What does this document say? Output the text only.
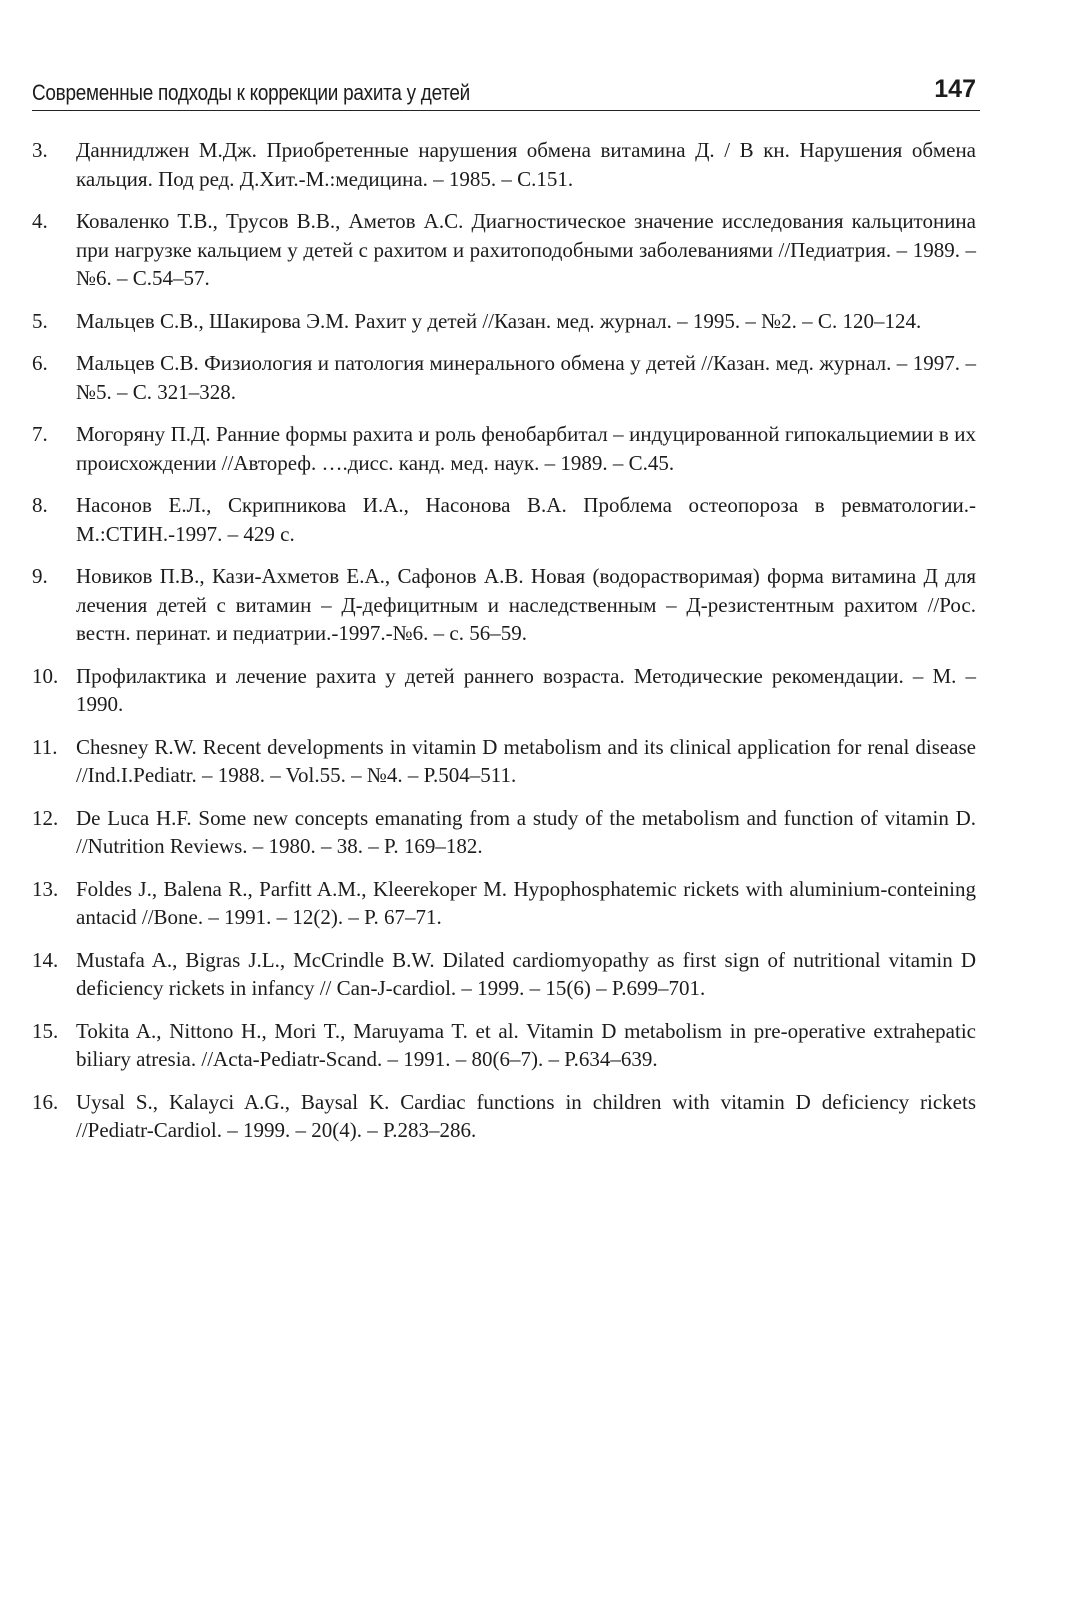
Современные подходы к коррекции рахита у детей	147
3.	Даннидлжен М.Дж. Приобретенные нарушения обмена витамина Д. / В кн. Нарушения обмена кальция. Под ред. Д.Хит.-М.:медицина. – 1985. – С.151.
4.	Коваленко Т.В., Трусов В.В., Аметов А.С. Диагностическое значение исследования кальцитонина при нагрузке кальцием у детей с рахитом и рахитоподобными заболеваниями //Педиатрия. – 1989. – №6. – С.54–57.
5.	Мальцев С.В., Шакирова Э.М. Рахит у детей //Казан. мед. журнал. – 1995. – №2. – С. 120–124.
6.	Мальцев С.В. Физиология и патология минерального обмена у детей //Казан. мед. журнал. – 1997. – №5. – С. 321–328.
7.	Могоряну П.Д. Ранние формы рахита и роль фенобарбитал – индуцированной гипокальциемии в их происхождении //Автореф. ….дисс. канд. мед. наук. – 1989. – С.45.
8.	Насонов Е.Л., Скрипникова И.А., Насонова В.А. Проблема остеопороза в ревматологии.-М.:СТИН.-1997. – 429 с.
9.	Новиков П.В., Кази-Ахметов Е.А., Сафонов А.В. Новая (водорастворимая) форма витамина Д для лечения детей с витамин – Д-дефицитным и наследственным – Д-резистентным рахитом //Рос. вестн. перинат. и педиатрии.-1997.-№6. – с. 56–59.
10. Профилактика и лечение рахита у детей раннего возраста. Методические рекомендации. – М. – 1990.
11. Chesney R.W. Recent developments in vitamin D metabolism and its clinical application for renal disease //Ind.I.Pediatr. – 1988. – Vol.55. – №4. – P.504–511.
12. De Luca H.F. Some new concepts emanating from a study of the metabolism and function of vitamin D. //Nutrition Reviews. – 1980. – 38. – P. 169–182.
13. Foldes J., Balena R., Parfitt A.M., Kleerekoper M. Hypophosphatemic rickets with aluminium-conteining antacid //Bone. – 1991. – 12(2). – P. 67–71.
14. Mustafa A., Bigras J.L., McCrindle B.W. Dilated cardiomyopathy as first sign of nutritional vitamin D deficiency rickets in infancy // Can-J-cardiol. – 1999. – 15(6) – P.699–701.
15. Tokita A., Nittono H., Mori T., Maruyama T. et al. Vitamin D metabolism in pre-operative extrahepatic biliary atresia. //Acta-Pediatr-Scand. – 1991. – 80(6–7). – P.634–639.
16. Uysal S., Kalayci A.G., Baysal K. Cardiac functions in children with vitamin D deficiency rickets //Pediatr-Cardiol. – 1999. – 20(4). – P.283–286.
